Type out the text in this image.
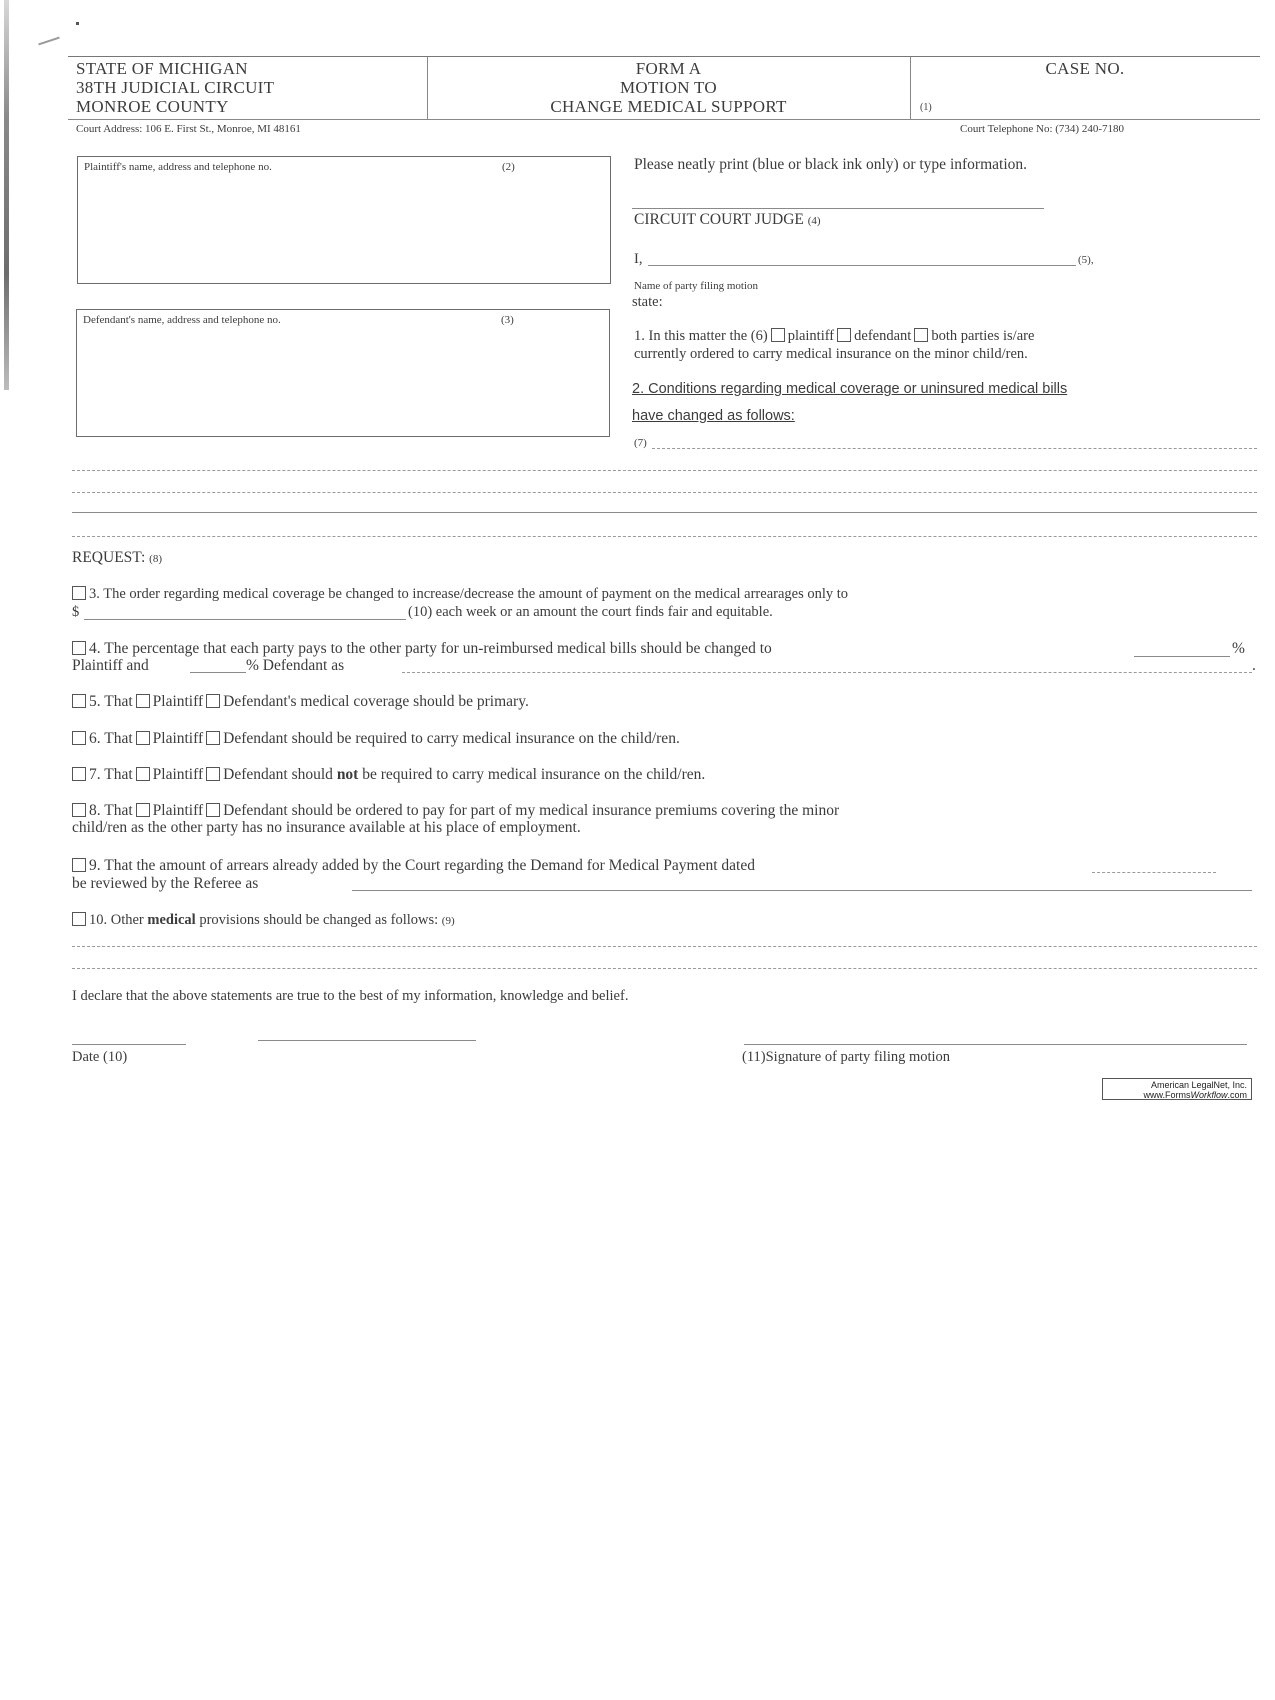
STATE OF MICHIGAN
38TH JUDICIAL CIRCUIT
MONROE COUNTY
FORM A
MOTION TO
CHANGE MEDICAL SUPPORT
CASE NO.
(1)
Court Address: 106 E. First St., Monroe, MI 48161	Court Telephone No: (734) 240-7180
Plaintiff's name, address and telephone no.	(2)
Defendant's name, address and telephone no.	(3)
Please neatly print (blue or black ink only) or type information.
CIRCUIT COURT JUDGE (4)
I,	(5),
Name of party filing motion
state:
1. In this matter the (6) plaintiff defendant both parties is/are
currently ordered to carry medical insurance on the minor child/ren.
2. Conditions regarding medical coverage or uninsured medical bills
have changed as follows:
(7)
REQUEST: (8)
3. The order regarding medical coverage be changed to increase/decrease the amount of payment on the medical arrearages only to
$	(10) each week or an amount the court finds fair and equitable.
4. The percentage that each party pays to the other party for un-reimbursed medical bills should be changed to	%
Plaintiff and	% Defendant as	.
5. That Plaintiff Defendant's medical coverage should be primary.
6. That Plaintiff Defendant should be required to carry medical insurance on the child/ren.
7. That Plaintiff Defendant should not be required to carry medical insurance on the child/ren.
8. That Plaintiff Defendant should be ordered to pay for part of my medical insurance premiums covering the minor
child/ren as the other party has no insurance available at his place of employment.
9. That the amount of arrears already added by the Court regarding the Demand for Medical Payment dated
be reviewed by the Referee as
10. Other medical provisions should be changed as follows: (9)
I declare that the above statements are true to the best of my information, knowledge and belief.
Date (10)	(11)Signature of party filing motion
American LegalNet, Inc.
www.FormsWorkflow.com
